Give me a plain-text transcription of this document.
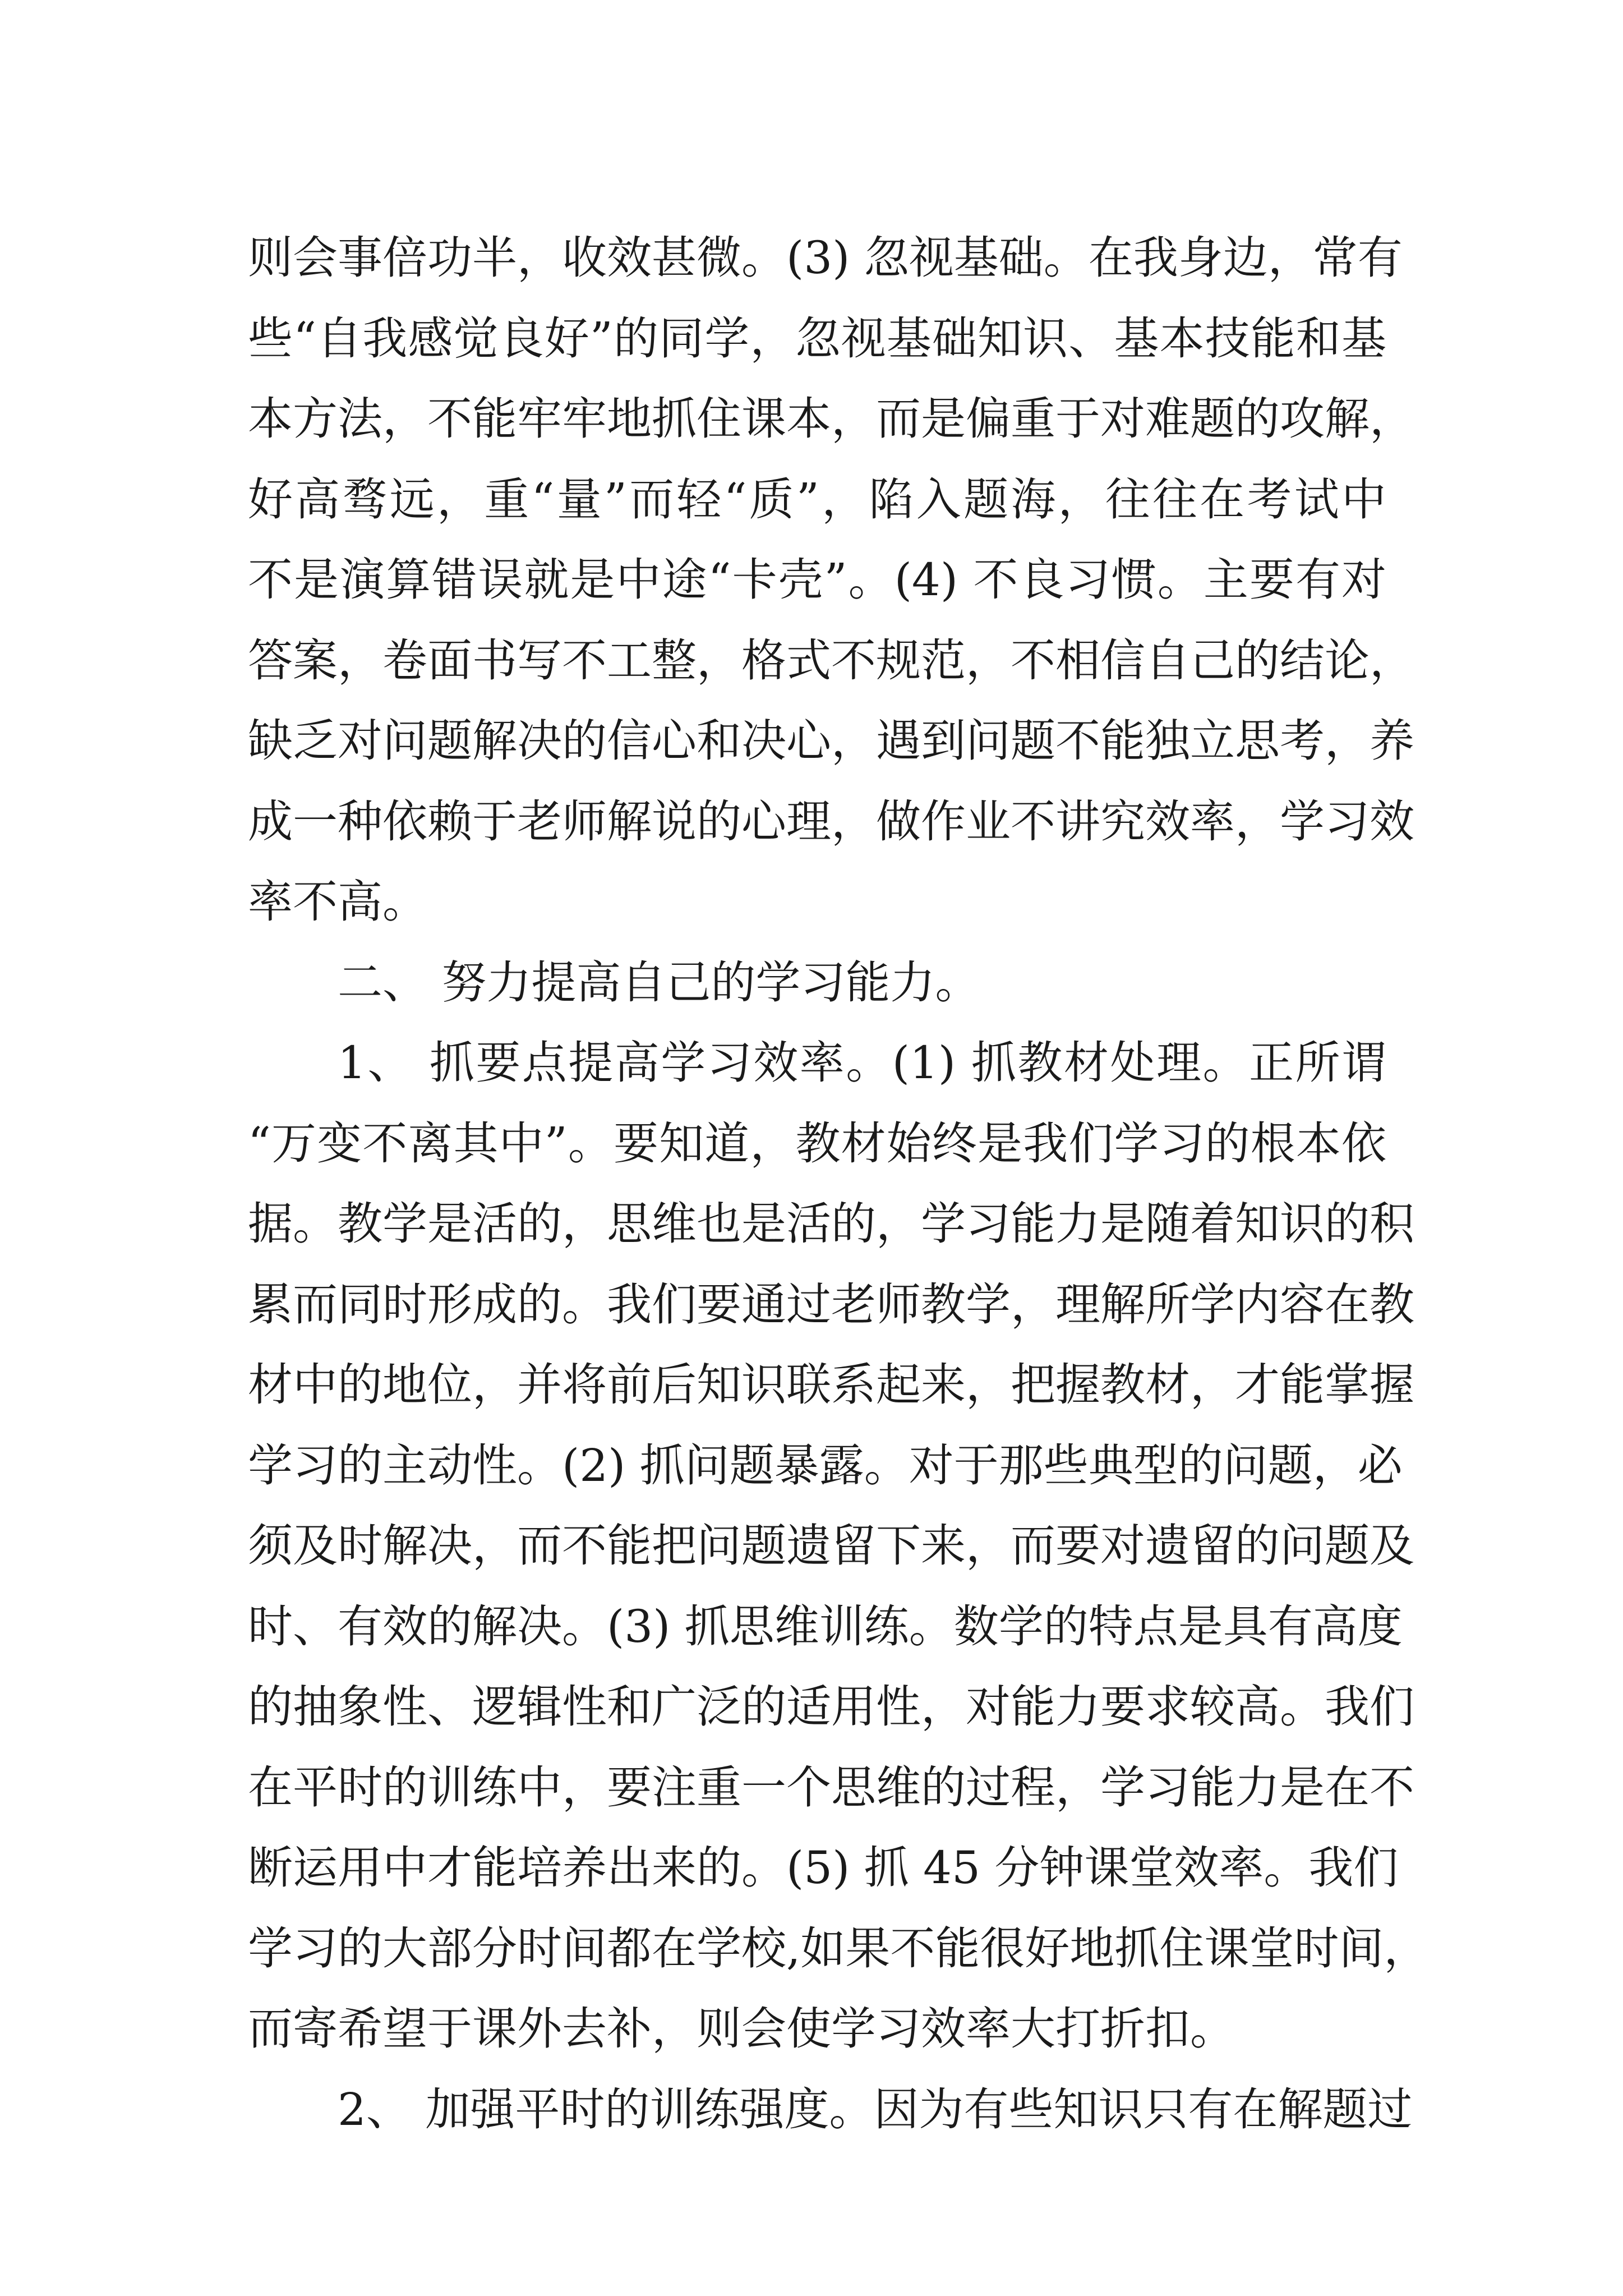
则会事倍功半，收效甚微。(3) 忽视基础。在我身边，常有
些“自我感觉良好”的同学，忽视基础知识、基本技能和基
本方法，不能牢牢地抓住课本，而是偏重于对难题的攻解，
好高骛远，重“量”而轻“质”，陷入题海，往往在考试中
不是演算错误就是中途“卡壳”。(4) 不良习惯。主要有对
答案，卷面书写不工整，格式不规范，不相信自己的结论，
缺乏对问题解决的信心和决心，遇到问题不能独立思考，养
成一种依赖于老师解说的心理，做作业不讲究效率，学习效
率不高。
二、 努力提高自己的学习能力。
1、 抓要点提高学习效率。(1) 抓教材处理。正所谓
“万变不离其中”。要知道，教材始终是我们学习的根本依
据。教学是活的，思维也是活的，学习能力是随着知识的积
累而同时形成的。我们要通过老师教学，理解所学内容在教
材中的地位，并将前后知识联系起来，把握教材，才能掌握
学习的主动性。(2) 抓问题暴露。对于那些典型的问题，必
须及时解决，而不能把问题遗留下来，而要对遗留的问题及
时、有效的解决。(3) 抓思维训练。数学的特点是具有高度
的抽象性、逻辑性和广泛的适用性，对能力要求较高。我们
在平时的训练中，要注重一个思维的过程，学习能力是在不
断运用中才能培养出来的。(5) 抓 45 分钟课堂效率。我们
学习的大部分时间都在学校,如果不能很好地抓住课堂时间，
而寄希望于课外去补，则会使学习效率大打折扣。
2、 加强平时的训练强度。因为有些知识只有在解题过
